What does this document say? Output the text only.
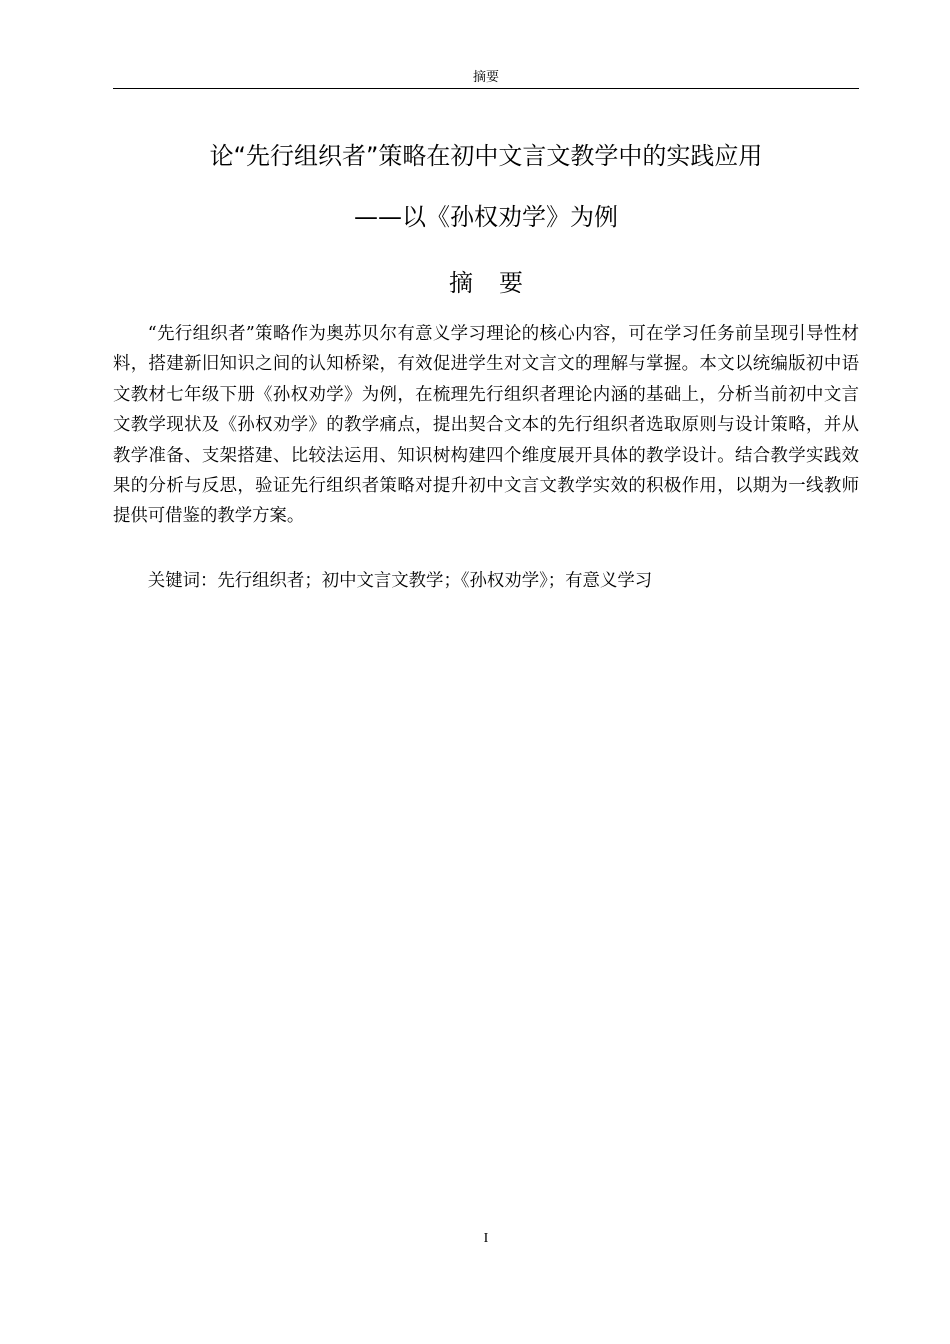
摘要
论“先行组织者”策略在初中文言文教学中的实践应用
——以《孙权劝学》为例
摘要

“先行组织者”策略作为奥苏贝尔有意义学习理论的核心内容，可在学习任务前呈现引导性材料，搭建新旧知识之间的认知桥梁，有效促进学生对文言文的理解与掌握。本文以统编版初中语文教材七年级下册《孙权劝学》为例，在梳理先行组织者理论内涵的基础上，分析当前初中文言文教学现状及《孙权劝学》的教学痛点，提出契合文本的先行组织者选取原则与设计策略，并从教学准备、支架搭建、比较法运用、知识树构建四个维度展开具体的教学设计。结合教学实践效果的分析与反思，验证先行组织者策略对提升初中文言文教学实效的积极作用，以期为一线教师提供可借鉴的教学方案。

关键词：先行组织者；初中文言文教学；《孙权劝学》；有意义学习

I
